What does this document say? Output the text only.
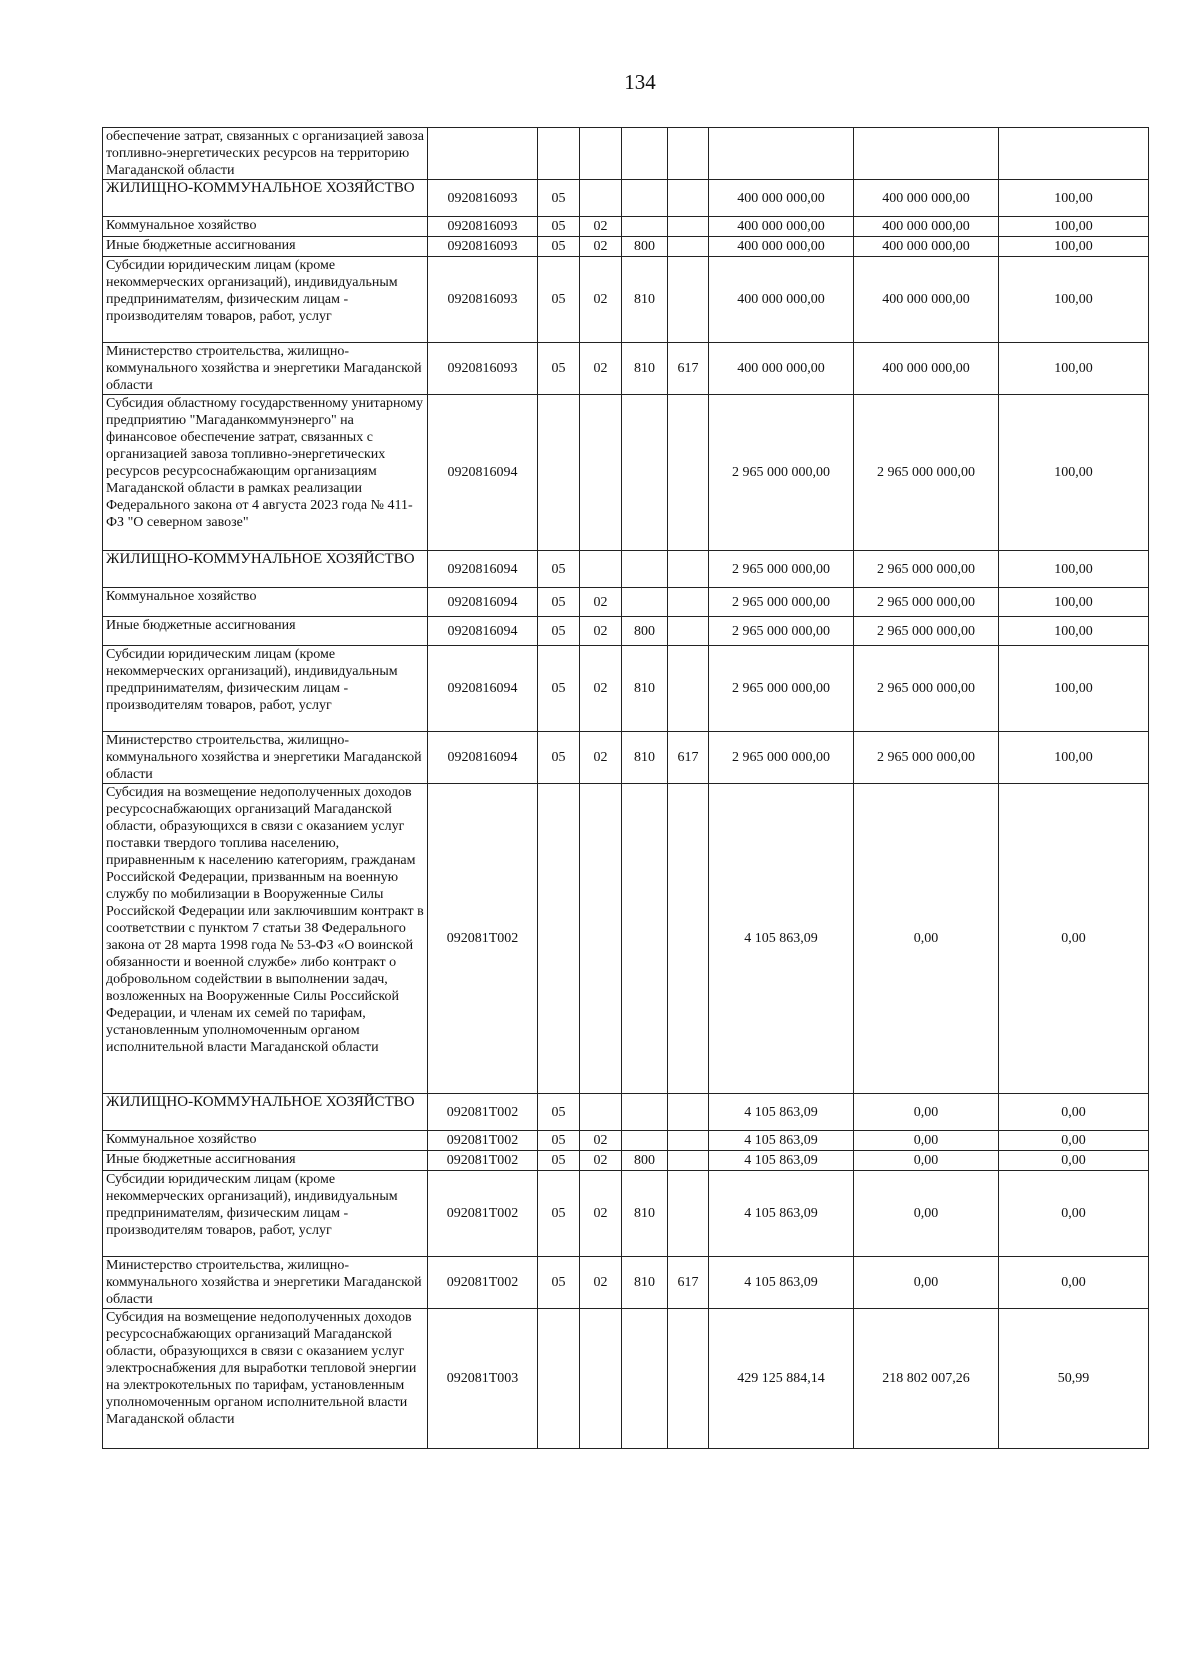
134
обеспечение затрат, связанных с организацией завоза топливно-энергетических ресурсов на территорию Магаданской области								
ЖИЛИЩНО-КОММУНАЛЬНОЕ ХОЗЯЙСТВО	0920816093	05				400 000 000,00	400 000 000,00	100,00
Коммунальное хозяйство	0920816093	05	02			400 000 000,00	400 000 000,00	100,00
Иные бюджетные ассигнования	0920816093	05	02	800		400 000 000,00	400 000 000,00	100,00
Субсидии юридическим лицам (кроме некоммерческих организаций), индивидуальным предпринимателям, физическим лицам - производителям товаров, работ, услуг	0920816093	05	02	810		400 000 000,00	400 000 000,00	100,00
Министерство строительства, жилищно-коммунального хозяйства и энергетики Магаданской области	0920816093	05	02	810	617	400 000 000,00	400 000 000,00	100,00
Субсидия областному государственному унитарному предприятию "Магаданкоммунэнерго" на финансовое обеспечение затрат, связанных с организацией завоза топливно-энергетических ресурсов ресурсоснабжающим организациям Магаданской области в рамках реализации Федерального закона от 4 августа 2023 года № 411-ФЗ "О северном завозе"	0920816094					2 965 000 000,00	2 965 000 000,00	100,00
ЖИЛИЩНО-КОММУНАЛЬНОЕ ХОЗЯЙСТВО	0920816094	05				2 965 000 000,00	2 965 000 000,00	100,00
Коммунальное хозяйство	0920816094	05	02			2 965 000 000,00	2 965 000 000,00	100,00
Иные бюджетные ассигнования	0920816094	05	02	800		2 965 000 000,00	2 965 000 000,00	100,00
Субсидии юридическим лицам (кроме некоммерческих организаций), индивидуальным предпринимателям, физическим лицам - производителям товаров, работ, услуг	0920816094	05	02	810		2 965 000 000,00	2 965 000 000,00	100,00
Министерство строительства, жилищно-коммунального хозяйства и энергетики Магаданской области	0920816094	05	02	810	617	2 965 000 000,00	2 965 000 000,00	100,00
Субсидия на возмещение недополученных доходов ресурсоснабжающих организаций Магаданской области, образующихся в связи с оказанием услуг поставки твердого топлива населению, приравненным к населению категориям, гражданам Российской Федерации, призванным на военную службу по мобилизации в Вооруженные Силы Российской Федерации или заключившим контракт в соответствии с пунктом 7 статьи 38 Федерального закона от 28 марта 1998 года № 53-ФЗ «О воинской обязанности и военной службе» либо контракт о добровольном содействии в выполнении задач, возложенных на Вооруженные Силы Российской Федерации, и членам их семей по тарифам, установленным уполномоченным органом исполнительной власти Магаданской области	092081Т002					4 105 863,09	0,00	0,00
ЖИЛИЩНО-КОММУНАЛЬНОЕ ХОЗЯЙСТВО	092081Т002	05				4 105 863,09	0,00	0,00
Коммунальное хозяйство	092081Т002	05	02			4 105 863,09	0,00	0,00
Иные бюджетные ассигнования	092081Т002	05	02	800		4 105 863,09	0,00	0,00
Субсидии юридическим лицам (кроме некоммерческих организаций), индивидуальным предпринимателям, физическим лицам - производителям товаров, работ, услуг	092081Т002	05	02	810		4 105 863,09	0,00	0,00
Министерство строительства, жилищно-коммунального хозяйства и энергетики Магаданской области	092081Т002	05	02	810	617	4 105 863,09	0,00	0,00
Субсидия на возмещение недополученных доходов ресурсоснабжающих организаций Магаданской области, образующихся в связи с оказанием услуг электроснабжения для выработки тепловой энергии на электрокотельных по тарифам, установленным уполномоченным органом исполнительной власти Магаданской области	092081Т003					429 125 884,14	218 802 007,26	50,99
